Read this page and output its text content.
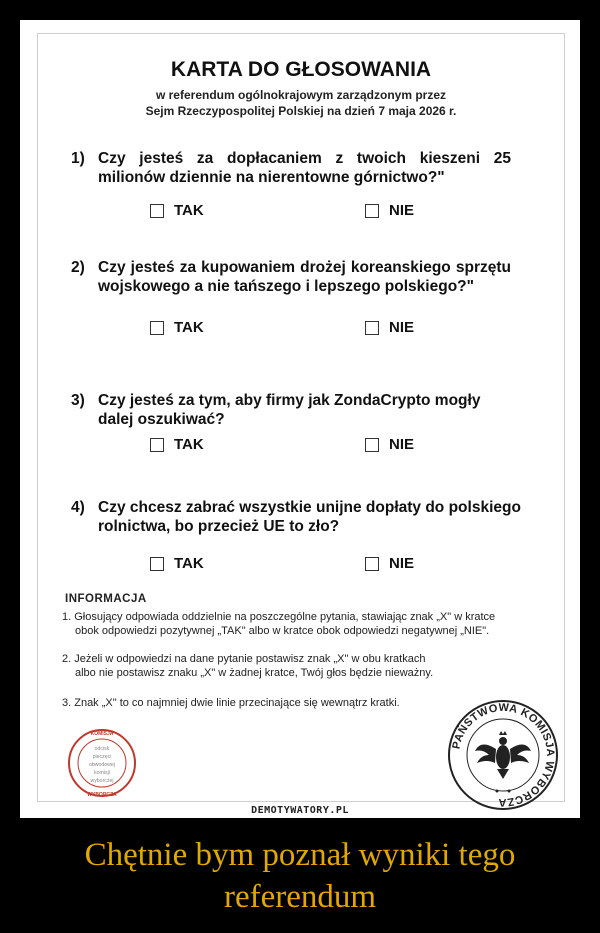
KARTA DO GŁOSOWANIA
w referendum ogólnokrajowym zarządzonym przez
Sejm Rzeczypospolitej Polskiej na dzień 7 maja 2026 r.
1) Czy jesteś za dopłacaniem z twoich kieszeni 25 milionów dziennie na nierentowne górnictwo?"
TAK	NIE
2) Czy jesteś za kupowaniem drożej koreanskiego sprzętu wojskowego a nie tańszego i lepszego polskiego?"
TAK	NIE
3) Czy jesteś za tym, aby firmy jak ZondaCrypto mogły dalej oszukiwać?
TAK	NIE
4) Czy chcesz zabrać wszystkie unijne dopłaty do polskiego rolnictwa, bo przecież UE to zło?
TAK	NIE
INFORMACJA
1. Głosujący odpowiada oddzielnie na poszczególne pytania, stawiając znak „X" w kratce
obok odpowiedzi pozytywnej „TAK" albo w kratce obok odpowiedzi negatywnej „NIE".
2. Jeżeli w odpowiedzi na dane pytanie postawisz znak „X" w obu kratkach
albo nie postawisz znaku „X" w żadnej kratce, Twój głos będzie nieważny.
3. Znak „X" to co najmniej dwie linie przecinające się wewnątrz kratki.
KOMISJA
WYBORCZA
odcisk
pieczęci
obwodowej
komisji
wyborczej
PAŃSTWOWA KOMISJA WYBORCZA
DEMOTYWATORY.PL
Chętnie bym poznał wyniki tego
referendum
